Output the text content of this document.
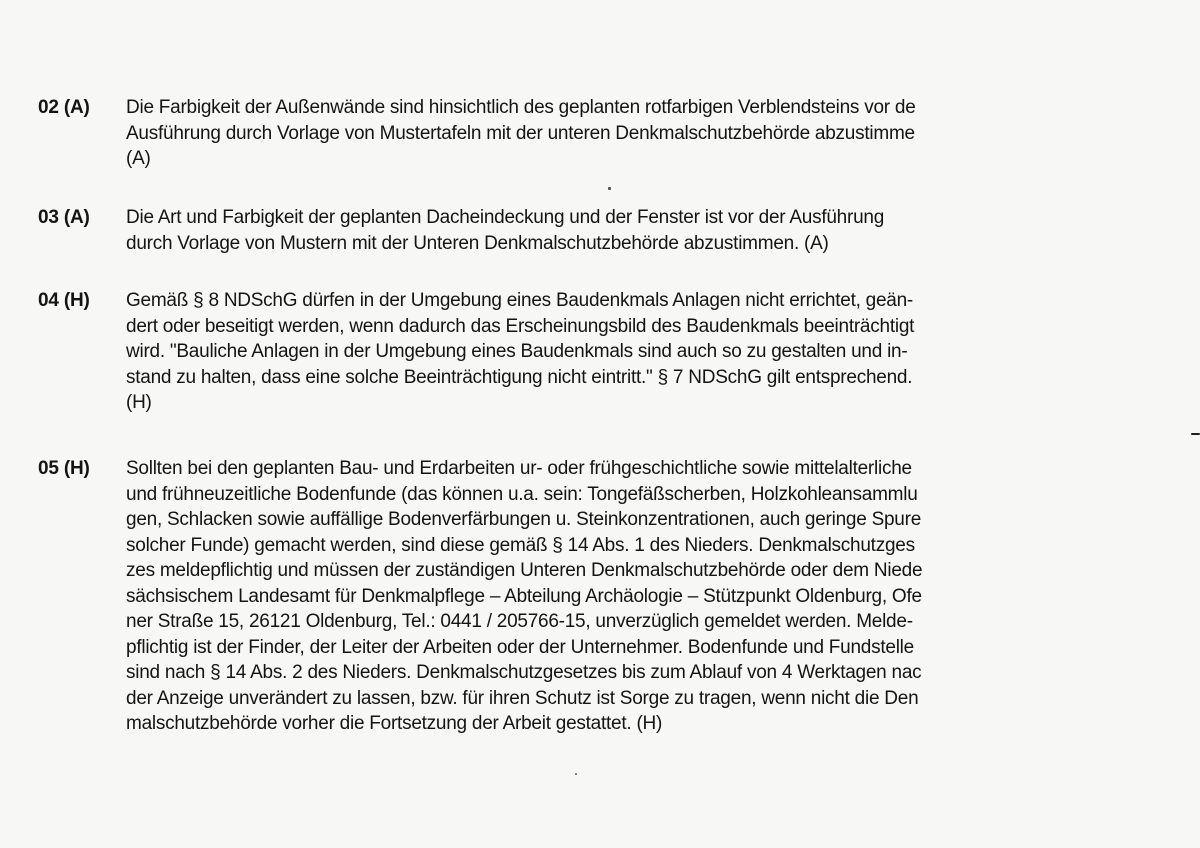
02 (A) Die Farbigkeit der Außenwände sind hinsichtlich des geplanten rotfarbigen Verblendsteins vor de
Ausführung durch Vorlage von Mustertafeln mit der unteren Denkmalschutzbehörde abzustimme
(A)
03 (A) Die Art und Farbigkeit der geplanten Dacheindeckung und der Fenster ist vor der Ausführung
durch Vorlage von Mustern mit der Unteren Denkmalschutzbehörde abzustimmen. (A)
04 (H) Gemäß § 8 NDSchG dürfen in der Umgebung eines Baudenkmals Anlagen nicht errichtet, geän-
dert oder beseitigt werden, wenn dadurch das Erscheinungsbild des Baudenkmals beeinträchtigt
wird. "Bauliche Anlagen in der Umgebung eines Baudenkmals sind auch so zu gestalten und in-
stand zu halten, dass eine solche Beeinträchtigung nicht eintritt." § 7 NDSchG gilt entsprechend.
(H)
05 (H) Sollten bei den geplanten Bau- und Erdarbeiten ur- oder frühgeschichtliche sowie mittelalterliche
und frühneuzeitliche Bodenfunde (das können u.a. sein: Tongefäßscherben, Holzkohleansammlu
gen, Schlacken sowie auffällige Bodenverfärbungen u. Steinkonzentrationen, auch geringe Spure
solcher Funde) gemacht werden, sind diese gemäß § 14 Abs. 1 des Nieders. Denkmalschutzges
zes meldepflichtig und müssen der zuständigen Unteren Denkmalschutzbehörde oder dem Niede
sächsischem Landesamt für Denkmalpflege – Abteilung Archäologie – Stützpunkt Oldenburg, Ofe
ner Straße 15, 26121 Oldenburg, Tel.: 0441 / 205766-15, unverzüglich gemeldet werden. Melde-
pflichtig ist der Finder, der Leiter der Arbeiten oder der Unternehmer. Bodenfunde und Fundstelle
sind nach § 14 Abs. 2 des Nieders. Denkmalschutzgesetzes bis zum Ablauf von 4 Werktagen nac
der Anzeige unverändert zu lassen, bzw. für ihren Schutz ist Sorge zu tragen, wenn nicht die Den
malschutzbehörde vorher die Fortsetzung der Arbeit gestattet. (H)
